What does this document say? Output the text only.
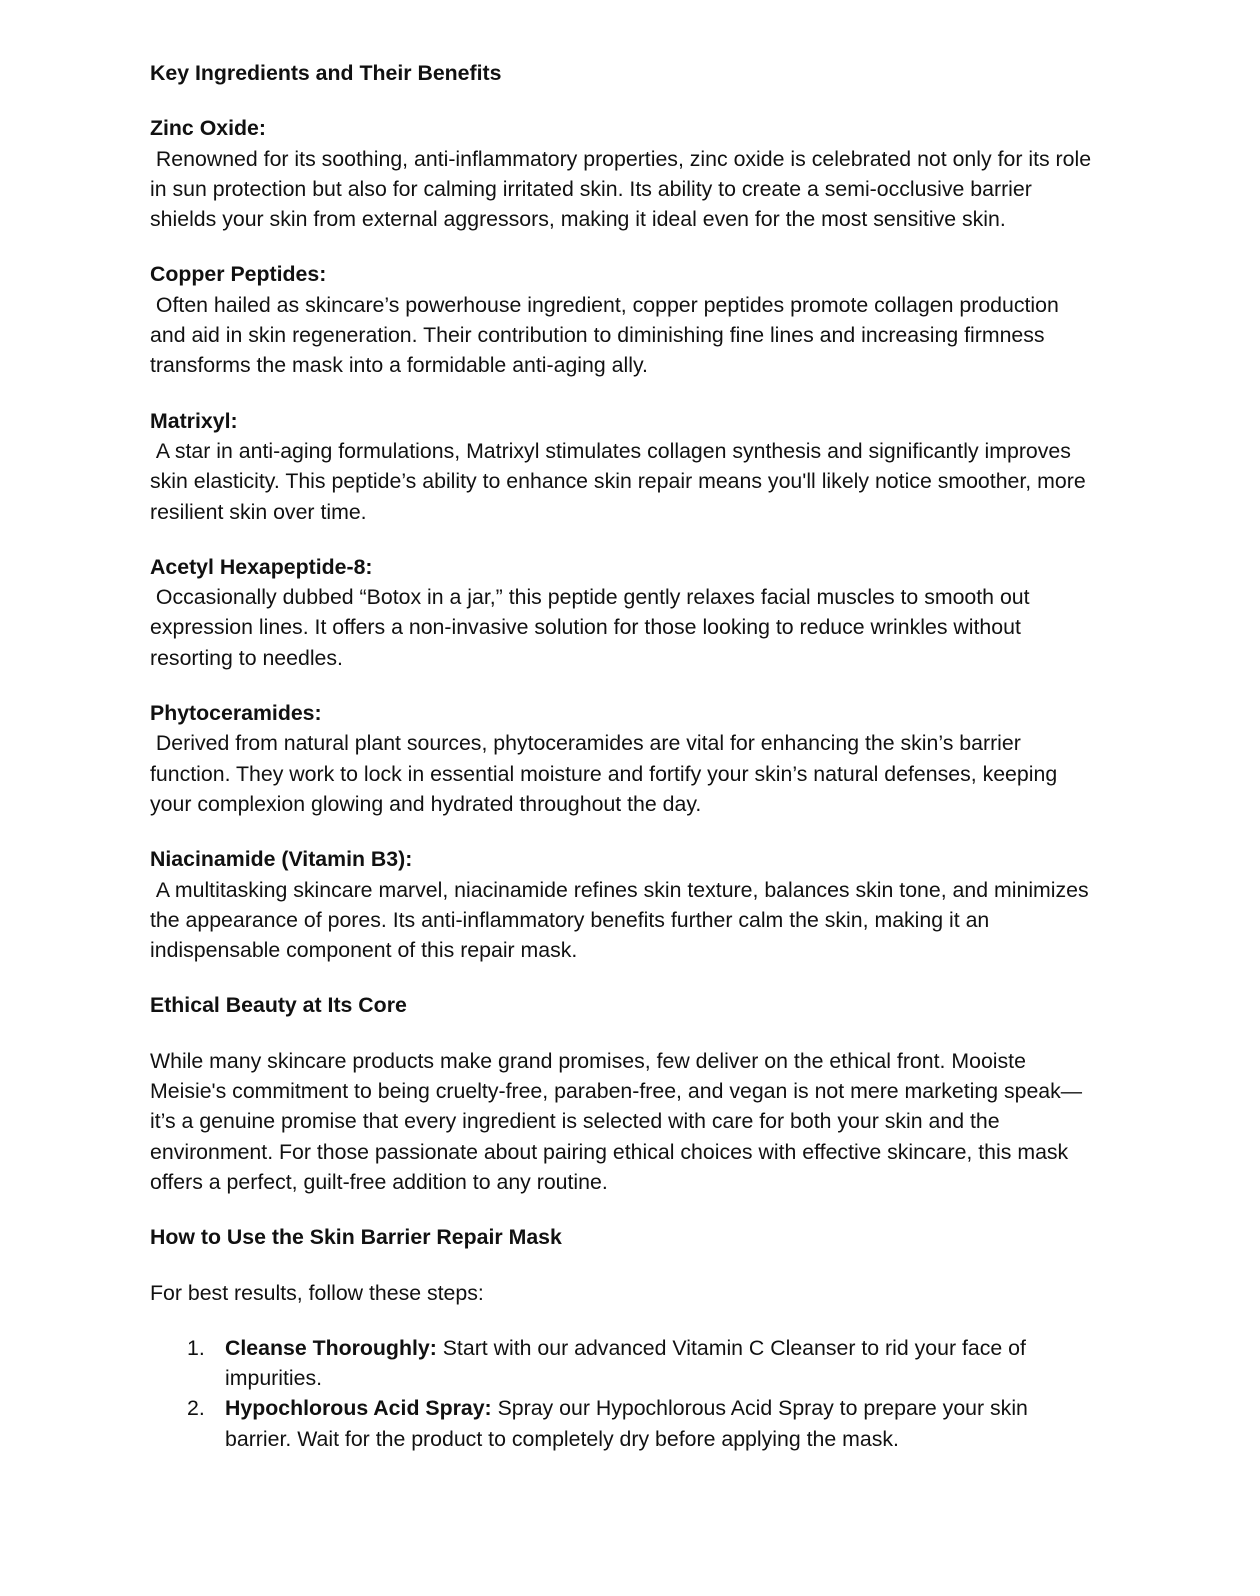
Key Ingredients and Their Benefits
Zinc Oxide:

Renowned for its soothing, anti-inflammatory properties, zinc oxide is celebrated not only for its role in sun protection but also for calming irritated skin. Its ability to create a semi-occlusive barrier shields your skin from external aggressors, making it ideal even for the most sensitive skin.

Copper Peptides:

Often hailed as skincare’s powerhouse ingredient, copper peptides promote collagen production and aid in skin regeneration. Their contribution to diminishing fine lines and increasing firmness transforms the mask into a formidable anti-aging ally.

Matrixyl:

A star in anti-aging formulations, Matrixyl stimulates collagen synthesis and significantly improves skin elasticity. This peptide’s ability to enhance skin repair means you'll likely notice smoother, more resilient skin over time.

Acetyl Hexapeptide-8:

Occasionally dubbed “Botox in a jar,” this peptide gently relaxes facial muscles to smooth out expression lines. It offers a non-invasive solution for those looking to reduce wrinkles without resorting to needles.

Phytoceramides:

Derived from natural plant sources, phytoceramides are vital for enhancing the skin’s barrier function. They work to lock in essential moisture and fortify your skin’s natural defenses, keeping your complexion glowing and hydrated throughout the day.

Niacinamide (Vitamin B3):

A multitasking skincare marvel, niacinamide refines skin texture, balances skin tone, and minimizes the appearance of pores. Its anti-inflammatory benefits further calm the skin, making it an indispensable component of this repair mask.

Ethical Beauty at Its Core

While many skincare products make grand promises, few deliver on the ethical front. Mooiste Meisie's commitment to being cruelty-free, paraben-free, and vegan is not mere marketing speak—it’s a genuine promise that every ingredient is selected with care for both your skin and the environment. For those passionate about pairing ethical choices with effective skincare, this mask offers a perfect, guilt-free addition to any routine.

How to Use the Skin Barrier Repair Mask

For best results, follow these steps:

1. Cleanse Thoroughly: Start with our advanced Vitamin C Cleanser to rid your face of impurities.
2. Hypochlorous Acid Spray: Spray our Hypochlorous Acid Spray to prepare your skin barrier. Wait for the product to completely dry before applying the mask.
